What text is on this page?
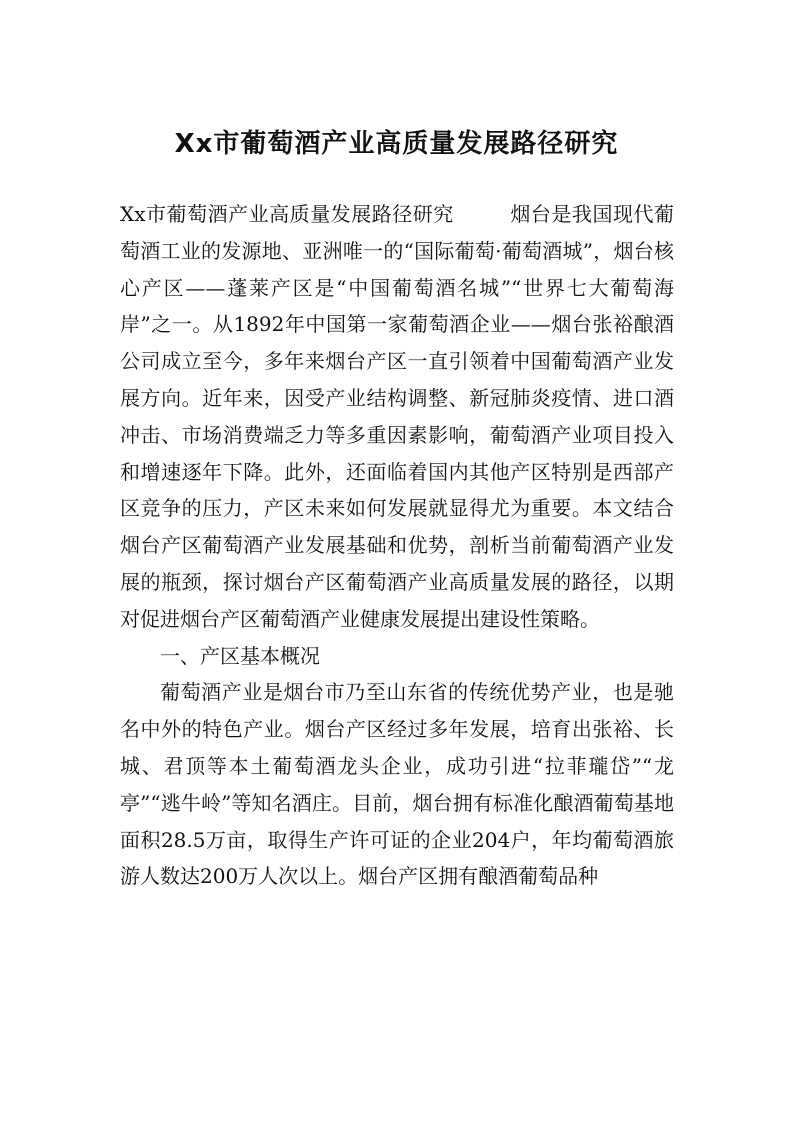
Xx市葡萄酒产业高质量发展路径研究

Xx市葡萄酒产业高质量发展路径研究	烟台是我国现代葡萄酒工业的发源地、亚洲唯一的“国际葡萄·葡萄酒城”，烟台核心产区——蓬莱产区是“中国葡萄酒名城”“世界七大葡萄海岸”之一。从1892年中国第一家葡萄酒企业——烟台张裕酿酒公司成立至今，多年来烟台产区一直引领着中国葡萄酒产业发展方向。近年来，因受产业结构调整、新冠肺炎疫情、进口酒冲击、市场消费端乏力等多重因素影响，葡萄酒产业项目投入和增速逐年下降。此外，还面临着国内其他产区特别是西部产区竞争的压力，产区未来如何发展就显得尤为重要。本文结合烟台产区葡萄酒产业发展基础和优势，剖析当前葡萄酒产业发展的瓶颈，探讨烟台产区葡萄酒产业高质量发展的路径，以期对促进烟台产区葡萄酒产业健康发展提出建设性策略。

一、产区基本概况

葡萄酒产业是烟台市乃至山东省的传统优势产业，也是驰名中外的特色产业。烟台产区经过多年发展，培育出张裕、长城、君顶等本土葡萄酒龙头企业，成功引进“拉菲瓏岱”“龙亭”“逃牛岭”等知名酒庄。目前，烟台拥有标准化酿酒葡萄基地面积28.5万亩，取得生产许可证的企业204户，年均葡萄酒旅游人数达200万人次以上。烟台产区拥有酿酒葡萄品种
